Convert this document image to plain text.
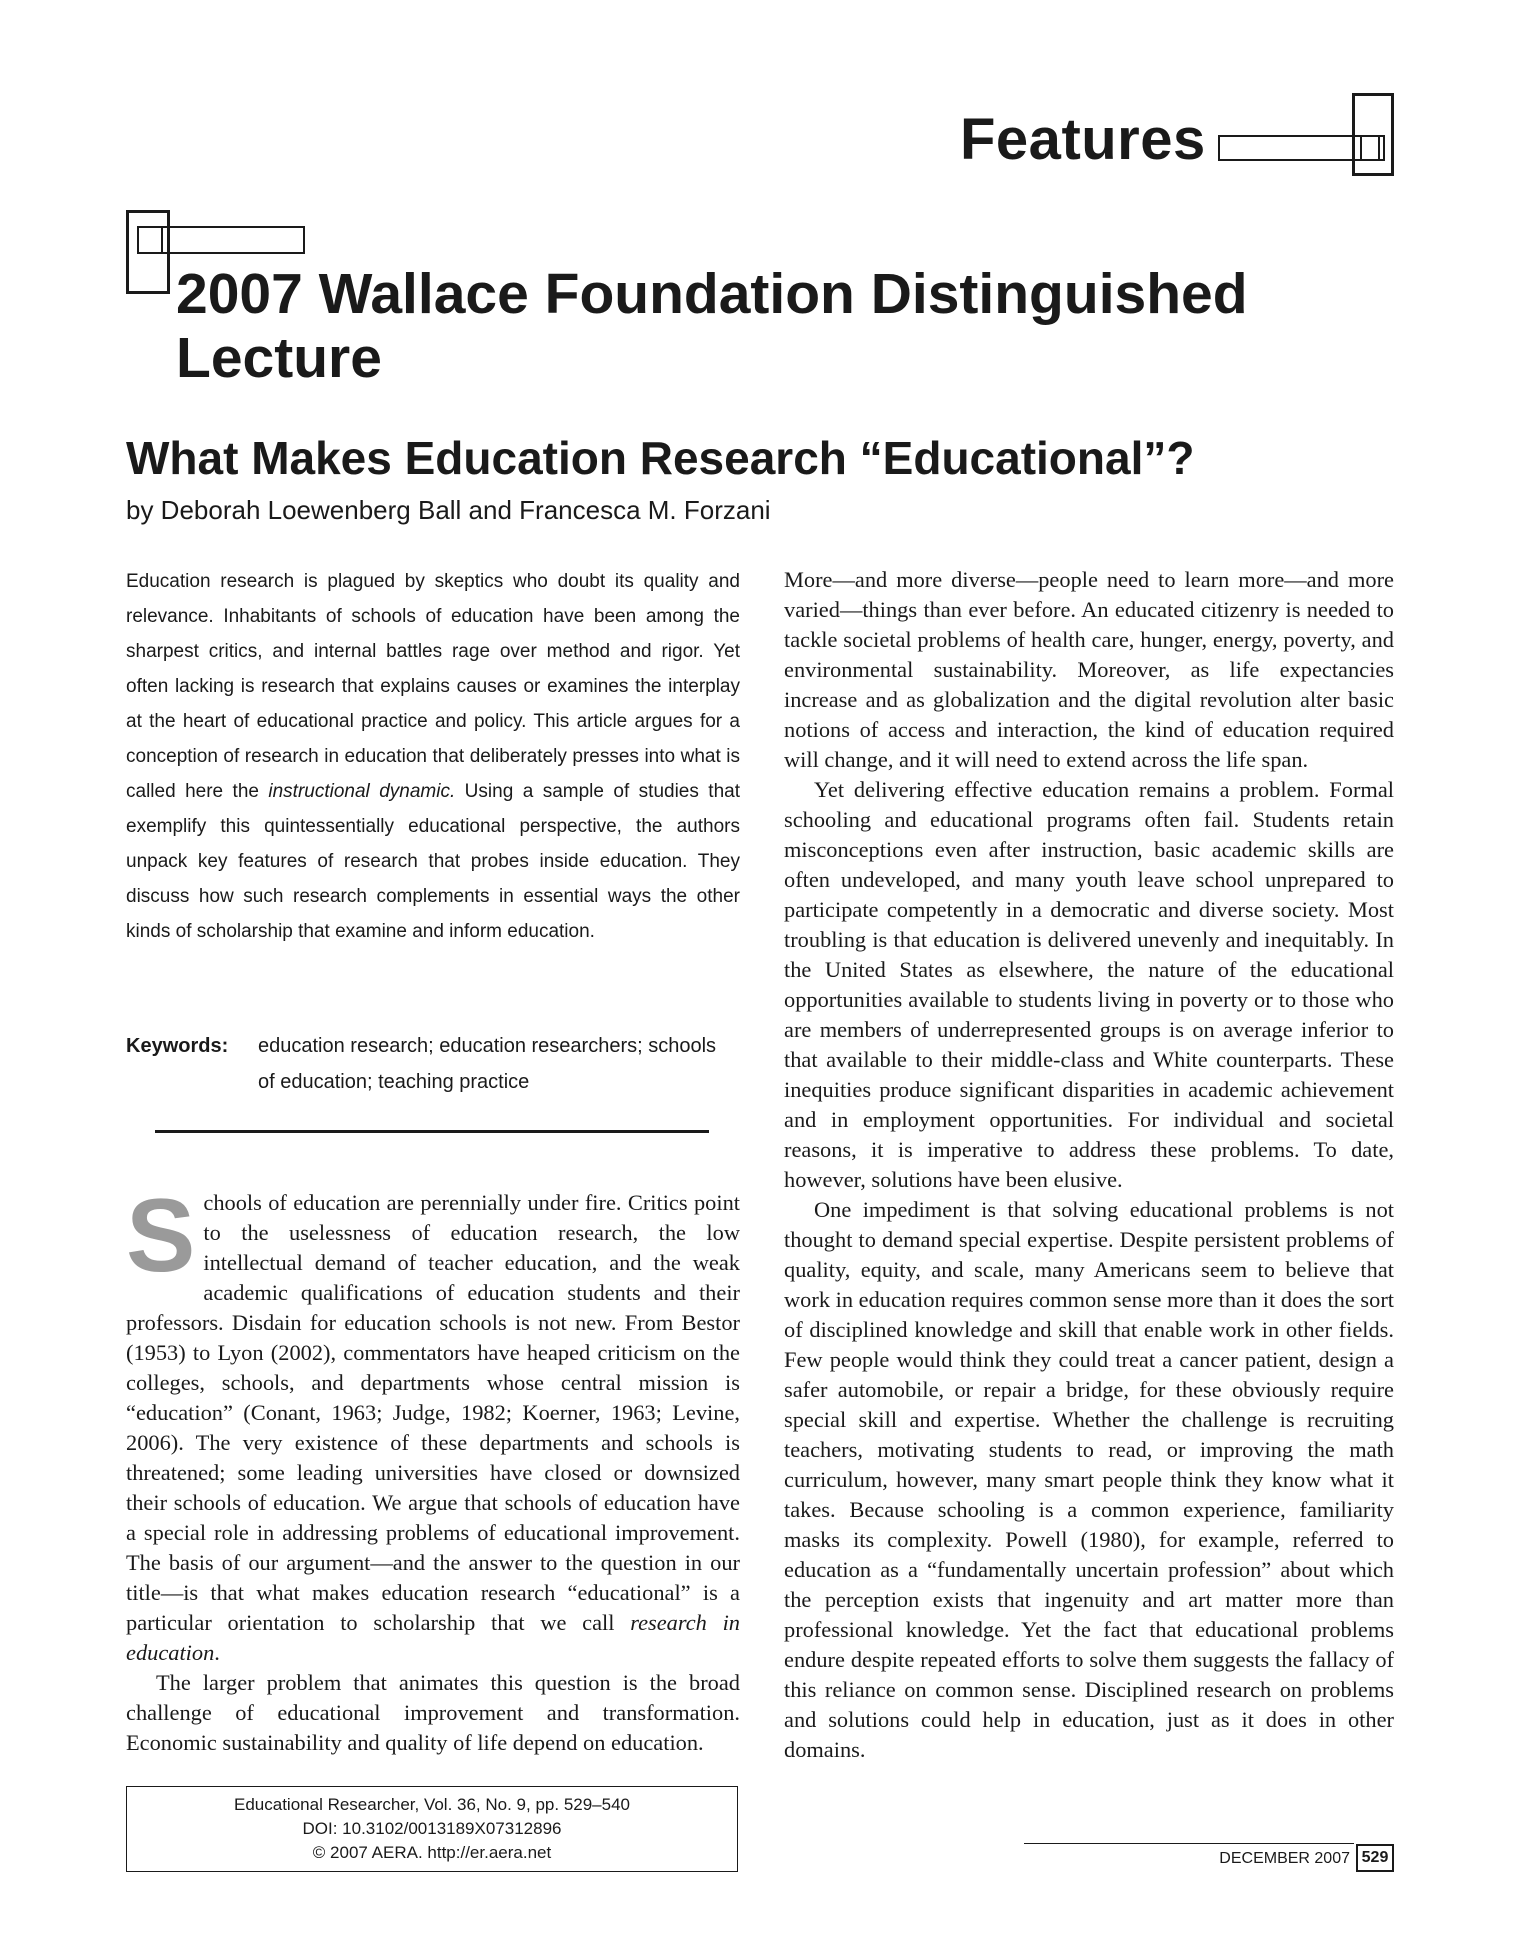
Features
2007 Wallace Foundation Distinguished Lecture
What Makes Education Research “Educational”?
by Deborah Loewenberg Ball and Francesca M. Forzani

Education research is plagued by skeptics who doubt its quality and relevance. Inhabitants of schools of education have been among the sharpest critics, and internal battles rage over method and rigor. Yet often lacking is research that explains causes or examines the interplay at the heart of educational practice and policy. This article argues for a conception of research in education that deliberately presses into what is called here the instructional dynamic. Using a sample of studies that exemplify this quintessentially educational perspective, the authors unpack key features of research that probes inside education. They discuss how such research complements in essential ways the other kinds of scholarship that examine and inform education.

Keywords: education research; education researchers; schools of education; teaching practice

Schools of education are perennially under fire. Critics point to the uselessness of education research, the low intellectual demand of teacher education, and the weak academic qualifications of education students and their professors. Disdain for education schools is not new. From Bestor (1953) to Lyon (2002), commentators have heaped criticism on the colleges, schools, and departments whose central mission is “education” (Conant, 1963; Judge, 1982; Koerner, 1963; Levine, 2006). The very existence of these departments and schools is threatened; some leading universities have closed or downsized their schools of education. We argue that schools of education have a special role in addressing problems of educational improvement. The basis of our argument—and the answer to the question in our title—is that what makes education research “educational” is a particular orientation to scholarship that we call research in education.

The larger problem that animates this question is the broad challenge of educational improvement and transformation. Economic sustainability and quality of life depend on education.

More—and more diverse—people need to learn more—and more varied—things than ever before. An educated citizenry is needed to tackle societal problems of health care, hunger, energy, poverty, and environmental sustainability. Moreover, as life expectancies increase and as globalization and the digital revolution alter basic notions of access and interaction, the kind of education required will change, and it will need to extend across the life span.

Yet delivering effective education remains a problem. Formal schooling and educational programs often fail. Students retain misconceptions even after instruction, basic academic skills are often undeveloped, and many youth leave school unprepared to participate competently in a democratic and diverse society. Most troubling is that education is delivered unevenly and inequitably. In the United States as elsewhere, the nature of the educational opportunities available to students living in poverty or to those who are members of underrepresented groups is on average inferior to that available to their middle-class and White counterparts. These inequities produce significant disparities in academic achievement and in employment opportunities. For individual and societal reasons, it is imperative to address these problems. To date, however, solutions have been elusive.

One impediment is that solving educational problems is not thought to demand special expertise. Despite persistent problems of quality, equity, and scale, many Americans seem to believe that work in education requires common sense more than it does the sort of disciplined knowledge and skill that enable work in other fields. Few people would think they could treat a cancer patient, design a safer automobile, or repair a bridge, for these obviously require special skill and expertise. Whether the challenge is recruiting teachers, motivating students to read, or improving the math curriculum, however, many smart people think they know what it takes. Because schooling is a common experience, familiarity masks its complexity. Powell (1980), for example, referred to education as a “fundamentally uncertain profession” about which the perception exists that ingenuity and art matter more than professional knowledge. Yet the fact that educational problems endure despite repeated efforts to solve them suggests the fallacy of this reliance on common sense. Disciplined research on problems and solutions could help in education, just as it does in other domains.

Educational Researcher, Vol. 36, No. 9, pp. 529–540
DOI: 10.3102/0013189X07312896
© 2007 AERA. http://er.aera.net	DECEMBER 2007 529
